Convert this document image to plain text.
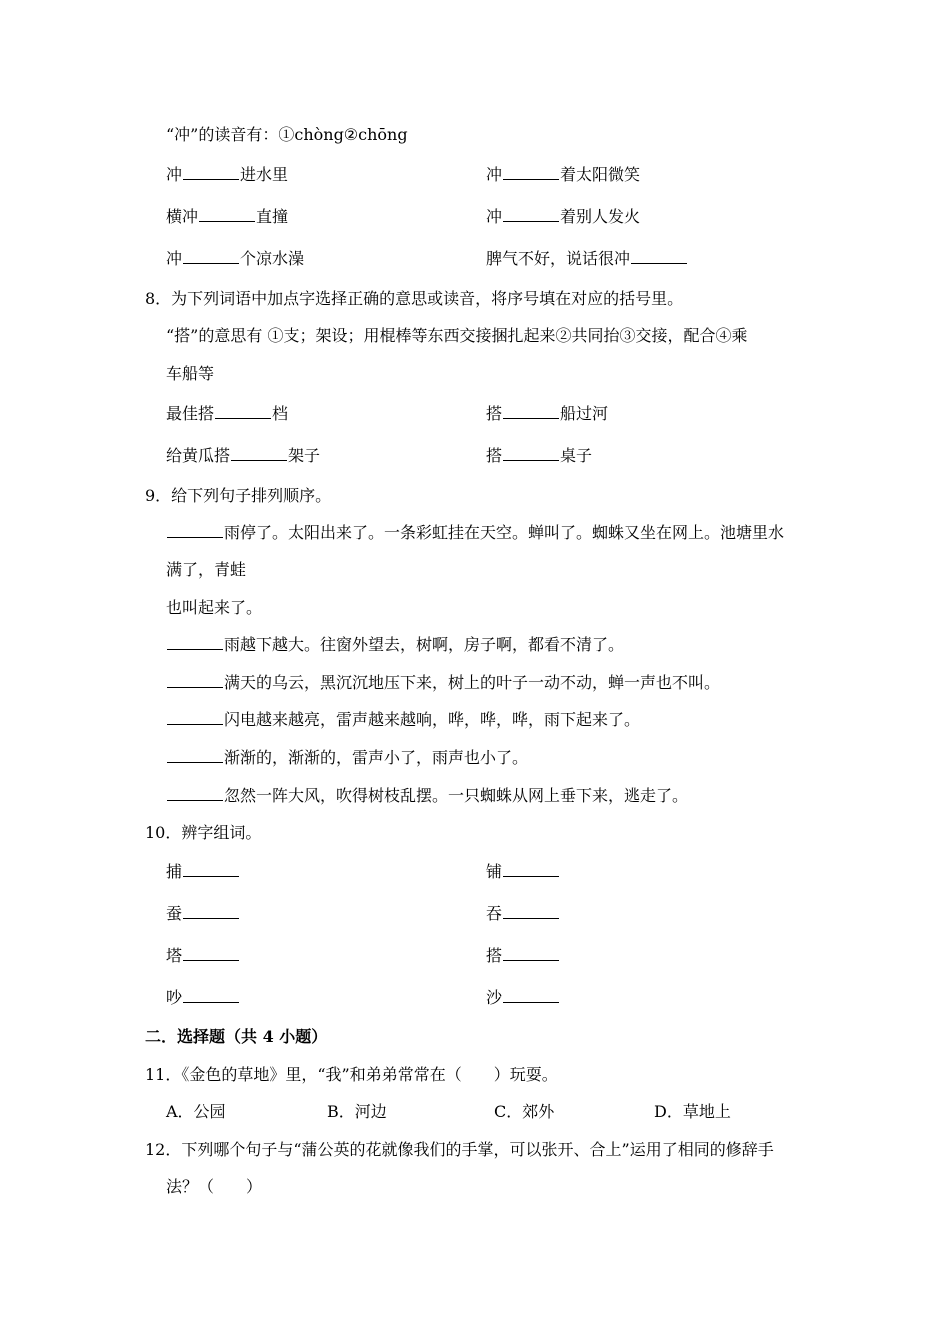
“冲”的读音有：①chòng②chōng
冲	进水里	冲	着太阳微笑
横冲	直撞	冲	着别人发火
冲	个凉水澡	脾气不好，说话很冲
8．为下列词语中加点字选择正确的意思或读音，将序号填在对应的括号里。
“搭”的意思有 ①支；架设；用棍棒等东西交接捆扎起来②共同抬③交接，配合④乘
车船等
最佳搭	档	搭	船过河
给黄瓜搭	架子	搭	桌子
9．给下列句子排列顺序。
雨停了。太阳出来了。一条彩虹挂在天空。蝉叫了。蜘蛛又坐在网上。池塘里水
满了，青蛙
也叫起来了。
雨越下越大。往窗外望去，树啊，房子啊，都看不清了。
满天的乌云，黑沉沉地压下来，树上的叶子一动不动，蝉一声也不叫。
闪电越来越亮，雷声越来越响，哗，哗，哗，雨下起来了。
渐渐的，渐渐的，雷声小了，雨声也小了。
忽然一阵大风，吹得树枝乱摆。一只蜘蛛从网上垂下来，逃走了。
10．辨字组词。
捕	铺
蚕	吞
塔	搭
吵	沙
二．选择题（共 4 小题）
11．《金色的草地》里，“我”和弟弟常常在（　　）玩耍。
A．公园	B．河边	C．郊外	D．草地上
12．下列哪个句子与“蒲公英的花就像我们的手掌，可以张开、合上”运用了相同的修辞手
法？（　　）
